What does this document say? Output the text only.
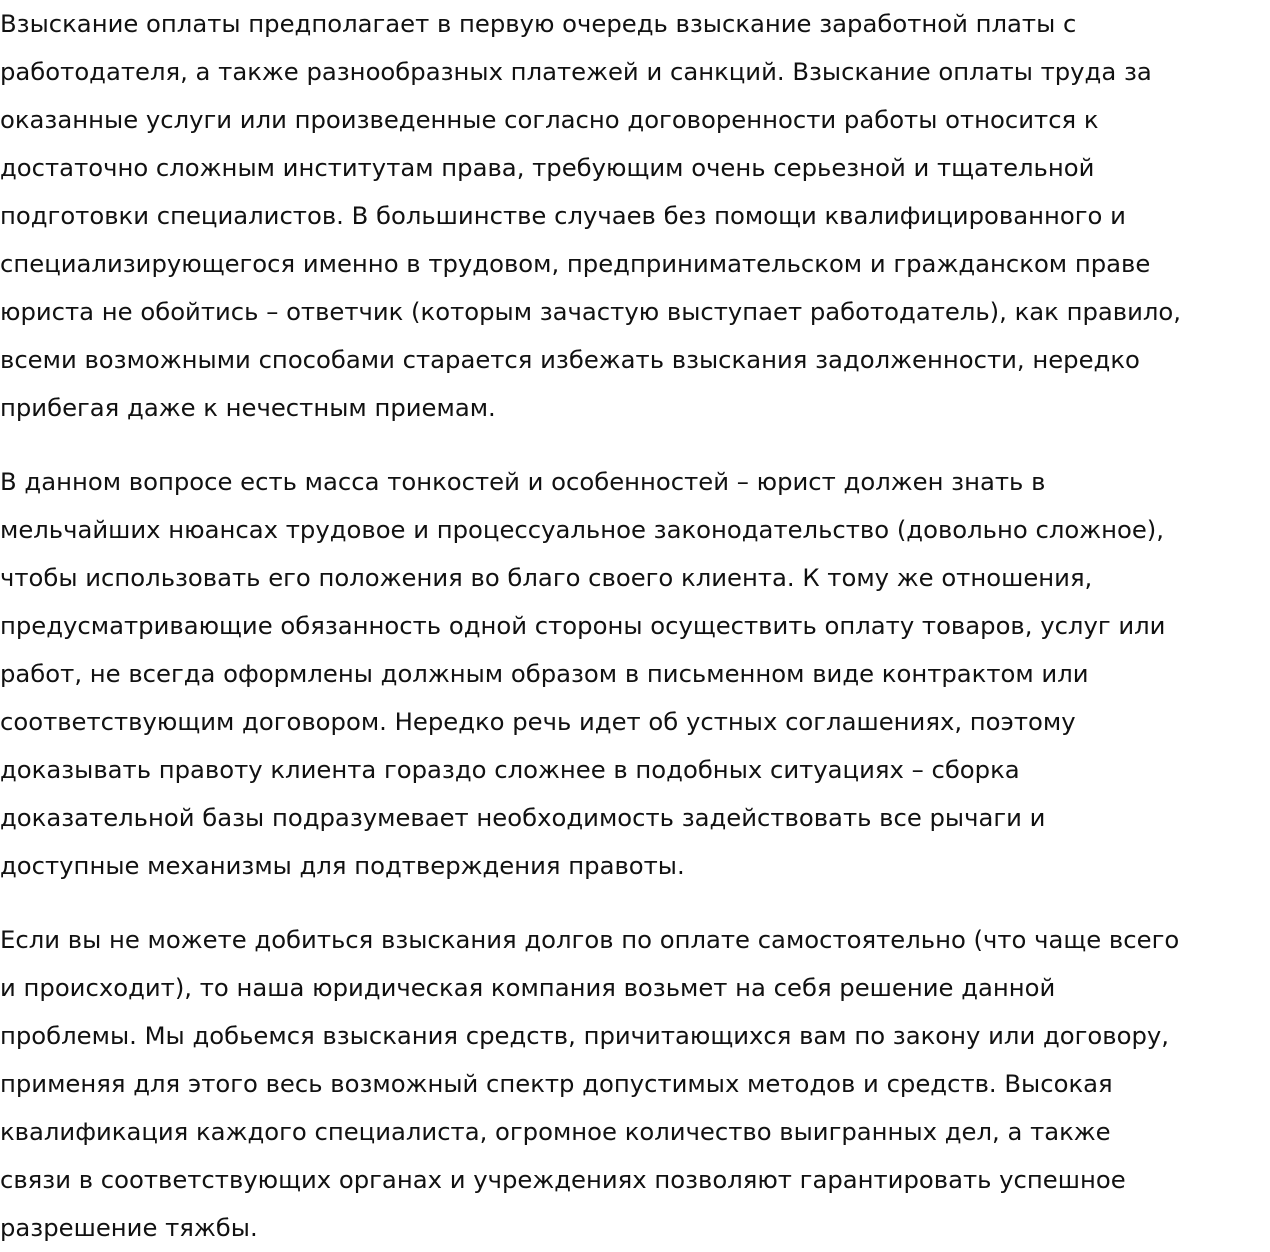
Взыскание оплаты предполагает в первую очередь взыскание заработной платы с
работодателя, а также разнообразных платежей и санкций. Взыскание оплаты труда за
оказанные услуги или произведенные согласно договоренности работы относится к
достаточно сложным институтам права, требующим очень серьезной и тщательной
подготовки специалистов. В большинстве случаев без помощи квалифицированного и
специализирующегося именно в трудовом, предпринимательском и гражданском праве
юриста не обойтись – ответчик (которым зачастую выступает работодатель), как правило,
всеми возможными способами старается избежать взыскания задолженности, нередко
прибегая даже к нечестным приемам.

В данном вопросе есть масса тонкостей и особенностей – юрист должен знать в
мельчайших нюансах трудовое и процессуальное законодательство (довольно сложное),
чтобы использовать его положения во благо своего клиента. К тому же отношения,
предусматривающие обязанность одной стороны осуществить оплату товаров, услуг или
работ, не всегда оформлены должным образом в письменном виде контрактом или
соответствующим договором. Нередко речь идет об устных соглашениях, поэтому
доказывать правоту клиента гораздо сложнее в подобных ситуациях – сборка
доказательной базы подразумевает необходимость задействовать все рычаги и
доступные механизмы для подтверждения правоты.

Если вы не можете добиться взыскания долгов по оплате самостоятельно (что чаще всего
и происходит), то наша юридическая компания возьмет на себя решение данной
проблемы. Мы добьемся взыскания средств, причитающихся вам по закону или договору,
применяя для этого весь возможный спектр допустимых методов и средств. Высокая
квалификация каждого специалиста, огромное количество выигранных дел, а также
связи в соответствующих органах и учреждениях позволяют гарантировать успешное
разрешение тяжбы.
